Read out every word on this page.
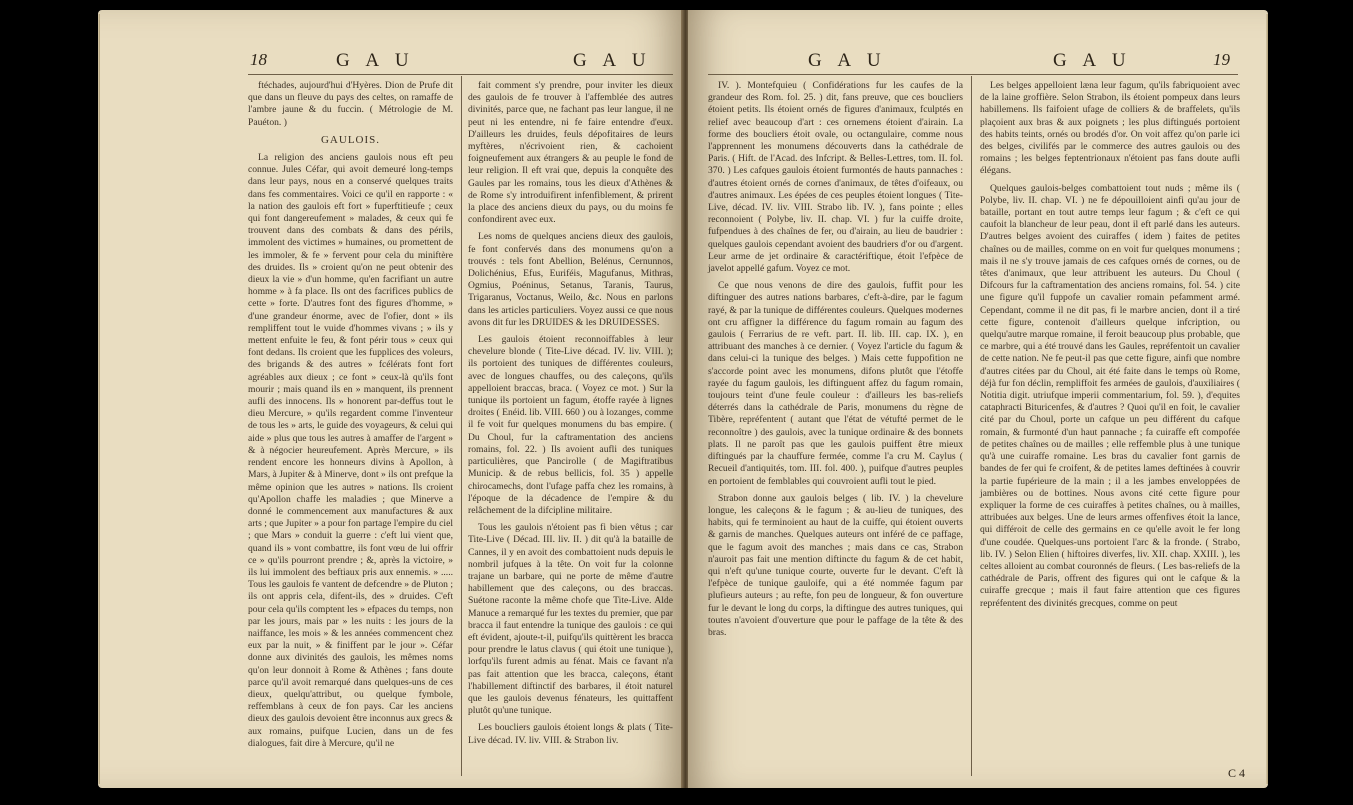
18	G A U	G A U

ftéchades, aujourd'hui d'Hyères. Dion de Prufe dit que dans un fleuve du pays des celtes, on ramaffe de l'ambre jaune & du fuccin. ( Métrologie de M. Pauéton. )

GAULOIS.

La religion des anciens gaulois nous eft peu connue. Jules Céfar, qui avoit demeuré long-temps dans leur pays, nous en a conservé quelques traits dans fes commentaires. Voici ce qu'il en rapporte : « la nation des gaulois eft fort » fuperftitieufe ; ceux qui font dangereufement » malades, & ceux qui fe trouvent dans des combats & dans des périls, immolent des victimes » humaines, ou promettent de les immoler, & fe » fervent pour cela du miniftère des druides. Ils » croient qu'on ne peut obtenir des dieux la vie » d'un homme, qu'en facrifiant un autre homme » à fa place. Ils ont des facrifices publics de cette » forte. D'autres font des figures d'homme, » d'une grandeur énorme, avec de l'ofier, dont » ils rempliffent tout le vuide d'hommes vivans ; » ils y mettent enfuite le feu, & font périr tous » ceux qui font dedans. Ils croient que les fupplices des voleurs, des brigands & des autres » fcélérats font fort agréables aux dieux ; ce font » ceux-là qu'ils font mourir ; mais quand ils en » manquent, ils prennent aufli des innocens. Ils » honorent par-deffus tout le dieu Mercure, » qu'ils regardent comme l'inventeur de tous les » arts, le guide des voyageurs, & celui qui aide » plus que tous les autres à amaffer de l'argent » & à négocier heureufement. Après Mercure, » ils rendent encore les honneurs divins à Apollon, à Mars, à Jupiter & à Minerve, dont » ils ont prefque la même opinion que les autres » nations. Ils croient qu'Apollon chaffe les maladies ; que Minerve a donné le commencement aux manufactures & aux arts ; que Jupiter » a pour fon partage l'empire du ciel ; que Mars » conduit la guerre : c'eft lui vient que, quand ils » vont combattre, ils font vœu de lui offrir ce » qu'ils pourront prendre ; &, après la victoire, » ils lui immolent des beftiaux pris aux ennemis. » ..... Tous les gaulois fe vantent de defcendre » de Pluton ; ils ont appris cela, difent-ils, des » druides. C'eft pour cela qu'ils comptent les » efpaces du temps, non par les jours, mais par » les nuits : les jours de la naiffance, les mois » & les années commencent chez eux par la nuit, » & finiffent par le jour ». Céfar donne aux divinités des gaulois, les mêmes noms qu'on leur donnoit à Rome & Athènes ; fans doute parce qu'il avoit remarqué dans quelques-uns de ces dieux, quelqu'attribut, ou quelque fymbole, reffemblans à ceux de fon pays. Car les anciens dieux des gaulois devoient être inconnus aux grecs & aux romains, puifque Lucien, dans un de fes dialogues, fait dire à Mercure, qu'il ne

fait comment s'y prendre, pour inviter les dieux des gaulois de fe trouver à l'affemblée des autres divinités, parce que, ne fachant pas leur langue, il ne peut ni les entendre, ni fe faire entendre d'eux. D'ailleurs les druides, feuls dépofitaires de leurs myftères, n'écrivoient rien, & cachoient foigneufement aux étrangers & au peuple le fond de leur religion. Il eft vrai que, depuis la conquête des Gaules par les romains, tous les dieux d'Athènes & de Rome s'y introduifirent infenfiblement, & prirent la place des anciens dieux du pays, ou du moins fe confondirent avec eux.

Les noms de quelques anciens dieux des gaulois, fe font confervés dans des monumens qu'on a trouvés : tels font Abellion, Belénus, Cernunnos, Dolichénius, Efus, Euriféis, Magufanus, Mithras, Ogmius, Poéninus, Setanus, Taranis, Taurus, Trigaranus, Voctanus, Weilo, &c. Nous en parlons dans les articles particuliers. Voyez aussi ce que nous avons dit fur les DRUIDES & les DRUIDESSES.

Les gaulois étoient reconnoiffables à leur chevelure blonde ( Tite-Live décad. IV. liv. VIII. ); ils portoient des tuniques de différentes couleurs, avec de longues chauffes, ou des caleçons, qu'ils appelloient braccas, braca. ( Voyez ce mot. ) Sur la tunique ils portoient un fagum, étoffe rayée à lignes droites ( Enéid. lib. VIII. 660 ) ou à lozanges, comme il fe voit fur quelques monumens du bas empire. ( Du Choul, fur la caftramentation des anciens romains, fol. 22. ) Ils avoient aufli des tuniques particulières, que Pancirolle ( de Magiftratibus Municip. & de rebus bellicis, fol. 35 ) appelle chirocamechs, dont l'ufage paffa chez les romains, à l'époque de la décadence de l'empire & du relâchement de la difcipline militaire.

Tous les gaulois n'étoient pas fi bien vêtus ; car Tite-Live ( Décad. III. liv. II. ) dit qu'à la bataille de Cannes, il y en avoit des combattoient nuds depuis le nombril jufques à la tête. On voit fur la colonne trajane un barbare, qui ne porte de même d'autre habillement que des caleçons, ou des braccas. Suétone raconte la même chofe que Tite-Live. Alde Manuce a remarqué fur les textes du premier, que par bracca il faut entendre la tunique des gaulois : ce qui eft évident, ajoute-t-il, puifqu'ils quittèrent les bracca pour prendre le latus clavus ( qui étoit une tunique ), lorfqu'ils furent admis au fénat. Mais ce favant n'a pas fait attention que les bracca, caleçons, étant l'habillement diftinctif des barbares, il étoit naturel que les gaulois devenus fénateurs, les quittaffent plutôt qu'une tunique.

Les boucliers gaulois étoient longs & plats ( Tite-Live décad. IV. liv. VIII. & Strabon liv.

G A U	G A U	19

IV. ). Montefquieu ( Confidérations fur les caufes de la grandeur des Rom. fol. 25. ) dit, fans preuve, que ces boucliers étoient petits. Ils étoient ornés de figures d'animaux, fculptés en relief avec beaucoup d'art : ces ornemens étoient d'airain. La forme des boucliers étoit ovale, ou octangulaire, comme nous l'apprennent les monumens découverts dans la cathédrale de Paris. ( Hift. de l'Acad. des Infcript. & Belles-Lettres, tom. II. fol. 370. ) Les cafques gaulois étoient furmontés de hauts pannaches : d'autres étoient ornés de cornes d'animaux, de têtes d'oifeaux, ou d'autres animaux. Les épées de ces peuples étoient longues ( Tite-Live, décad. IV. liv. VIII. Strabo lib. IV. ), fans pointe ; elles reconnoient ( Polybe, liv. II. chap. VI. ) fur la cuiffe droite, fufpendues à des chaînes de fer, ou d'airain, au lieu de baudrier : quelques gaulois cependant avoient des baudriers d'or ou d'argent. Leur arme de jet ordinaire & caractériftique, étoit l'efpèce de javelot appellé gafum. Voyez ce mot.

Ce que nous venons de dire des gaulois, fuffit pour les diftinguer des autres nations barbares, c'eft-à-dire, par le fagum rayé, & par la tunique de différentes couleurs. Quelques modernes ont cru affigner la différence du fagum romain au fagum des gaulois ( Ferrarius de re veft. part. II. lib. III. cap. IX. ), en attribuant des manches à ce dernier. ( Voyez l'article du fagum & dans celui-ci la tunique des belges. ) Mais cette fuppofition ne s'accorde point avec les monumens, difons plutôt que l'étoffe rayée du fagum gaulois, les diftinguent affez du fagum romain, toujours teint d'une feule couleur : d'ailleurs les bas-reliefs déterrés dans la cathédrale de Paris, monumens du règne de Tibère, repréfentent ( autant que l'état de vétufté permet de le reconnoître ) des gaulois, avec la tunique ordinaire & des bonnets plats. Il ne paroît pas que les gaulois puiffent être mieux diftingués par la chauffure fermée, comme l'a cru M. Caylus ( Recueil d'antiquités, tom. III. fol. 400. ), puifque d'autres peuples en portoient de femblables qui couvroient aufli tout le pied.

Strabon donne aux gaulois belges ( lib. IV. ) la chevelure longue, les caleçons & le fagum ; & au-lieu de tuniques, des habits, qui fe terminoient au haut de la cuiffe, qui étoient ouverts & garnis de manches. Quelques auteurs ont inféré de ce paffage, que le fagum avoit des manches ; mais dans ce cas, Strabon n'auroit pas fait une mention diftincte du fagum & de cet habit, qui n'eft qu'une tunique courte, ouverte fur le devant. C'eft là l'efpèce de tunique gauloife, qui a été nommée fagum par plufieurs auteurs ; au refte, fon peu de longueur, & fon ouverture fur le devant le long du corps, la diftingue des autres tuniques, qui toutes n'avoient d'ouverture que pour le paffage de la tête & des bras.

Les belges appelloient læna leur fagum, qu'ils fabriquoient avec de la laine groffière. Selon Strabon, ils étoient pompeux dans leurs habillemens. Ils faifoient ufage de colliers & de braffelets, qu'ils plaçoient aux bras & aux poignets ; les plus diftingués portoient des habits teints, ornés ou brodés d'or. On voit affez qu'on parle ici des belges, civilifés par le commerce des autres gaulois ou des romains ; les belges feptentrionaux n'étoient pas fans doute aufli élégans.

Quelques gaulois-belges combattoient tout nuds ; même ils ( Polybe, liv. II. chap. VI. ) ne fe dépouilloient ainfi qu'au jour de bataille, portant en tout autre temps leur fagum ; & c'eft ce qui caufoit la blancheur de leur peau, dont il eft parlé dans les auteurs. D'autres belges avoient des cuiraffes ( idem ) faites de petites chaînes ou de mailles, comme on en voit fur quelques monumens ; mais il ne s'y trouve jamais de ces cafques ornés de cornes, ou de têtes d'animaux, que leur attribuent les auteurs. Du Choul ( Difcours fur la caftramentation des anciens romains, fol. 54. ) cite une figure qu'il fuppofe un cavalier romain pefamment armé. Cependant, comme il ne dit pas, fi le marbre ancien, dont il a tiré cette figure, contenoit d'ailleurs quelque infcription, ou quelqu'autre marque romaine, il feroit beaucoup plus probable, que ce marbre, qui a été trouvé dans les Gaules, repréfentoit un cavalier de cette nation. Ne fe peut-il pas que cette figure, ainfi que nombre d'autres citées par du Choul, ait été faite dans le temps où Rome, déjà fur fon déclin, rempliffoit fes armées de gaulois, d'auxiliaires ( Notitia digit. utriufque imperii commentarium, fol. 59. ), d'equites cataphracti Bituricenfes, & d'autres ? Quoi qu'il en foit, le cavalier cité par du Choul, porte un cafque un peu différent du cafque romain, & furmonté d'un haut pannache ; fa cuiraffe eft compofée de petites chaînes ou de mailles ; elle reffemble plus à une tunique qu'à une cuiraffe romaine. Les bras du cavalier font garnis de bandes de fer qui fe croifent, & de petites lames deftinées à couvrir la partie fupérieure de la main ; il a les jambes enveloppées de jambières ou de bottines. Nous avons cité cette figure pour expliquer la forme de ces cuiraffes à petites chaînes, ou à mailles, attribuées aux belges. Une de leurs armes offenfives étoit la lance, qui différoit de celle des germains en ce qu'elle avoit le fer long d'une coudée. Quelques-uns portoient l'arc & la fronde. ( Strabo, lib. IV. ) Selon Elien ( hiftoires diverfes, liv. XII. chap. XXIII. ), les celtes alloient au combat couronnés de fleurs. ( Les bas-reliefs de la cathédrale de Paris, offrent des figures qui ont le cafque & la cuiraffe grecque ; mais il faut faire attention que ces figures repréfentent des divinités grecques, comme on peut

C 4
